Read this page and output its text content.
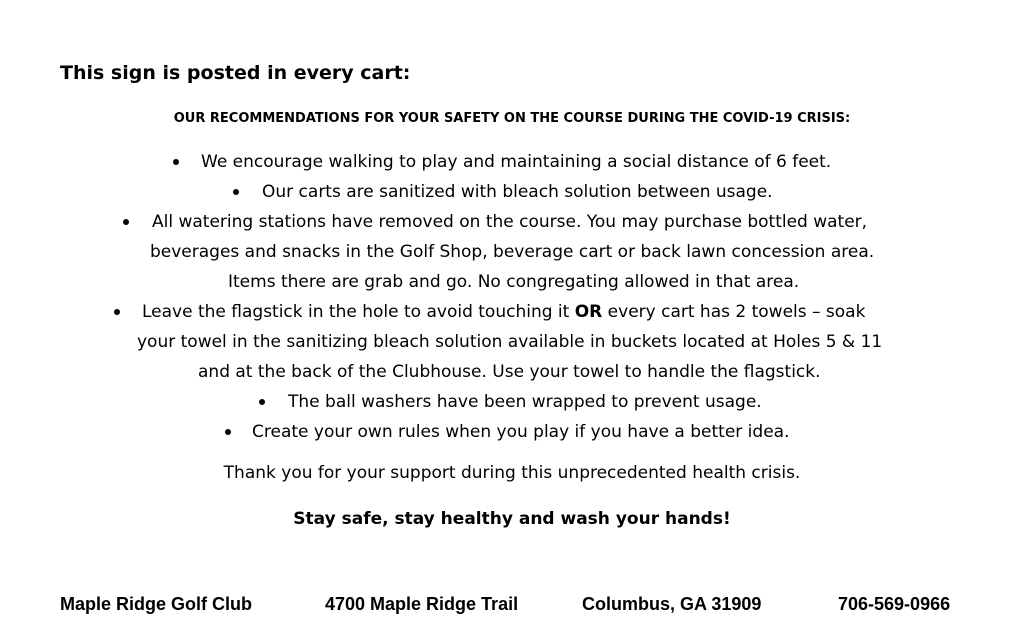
This sign is posted in every cart:
OUR RECOMMENDATIONS FOR YOUR SAFETY ON THE COURSE DURING THE COVID-19 CRISIS:
We encourage walking to play and maintaining a social distance of 6 feet.
Our carts are sanitized with bleach solution between usage.
All watering stations have removed on the course. You may purchase bottled water,
beverages and snacks in the Golf Shop, beverage cart or back lawn concession area.
Items there are grab and go. No congregating allowed in that area.
Leave the flagstick in the hole to avoid touching it OR every cart has 2 towels – soak
your towel in the sanitizing bleach solution available in buckets located at Holes 5 & 11
and at the back of the Clubhouse. Use your towel to handle the flagstick.
The ball washers have been wrapped to prevent usage.
Create your own rules when you play if you have a better idea.

Thank you for your support during this unprecedented health crisis.

Stay safe, stay healthy and wash your hands!

Maple Ridge Golf Club	4700 Maple Ridge Trail	Columbus, GA 31909	706-569-0966
